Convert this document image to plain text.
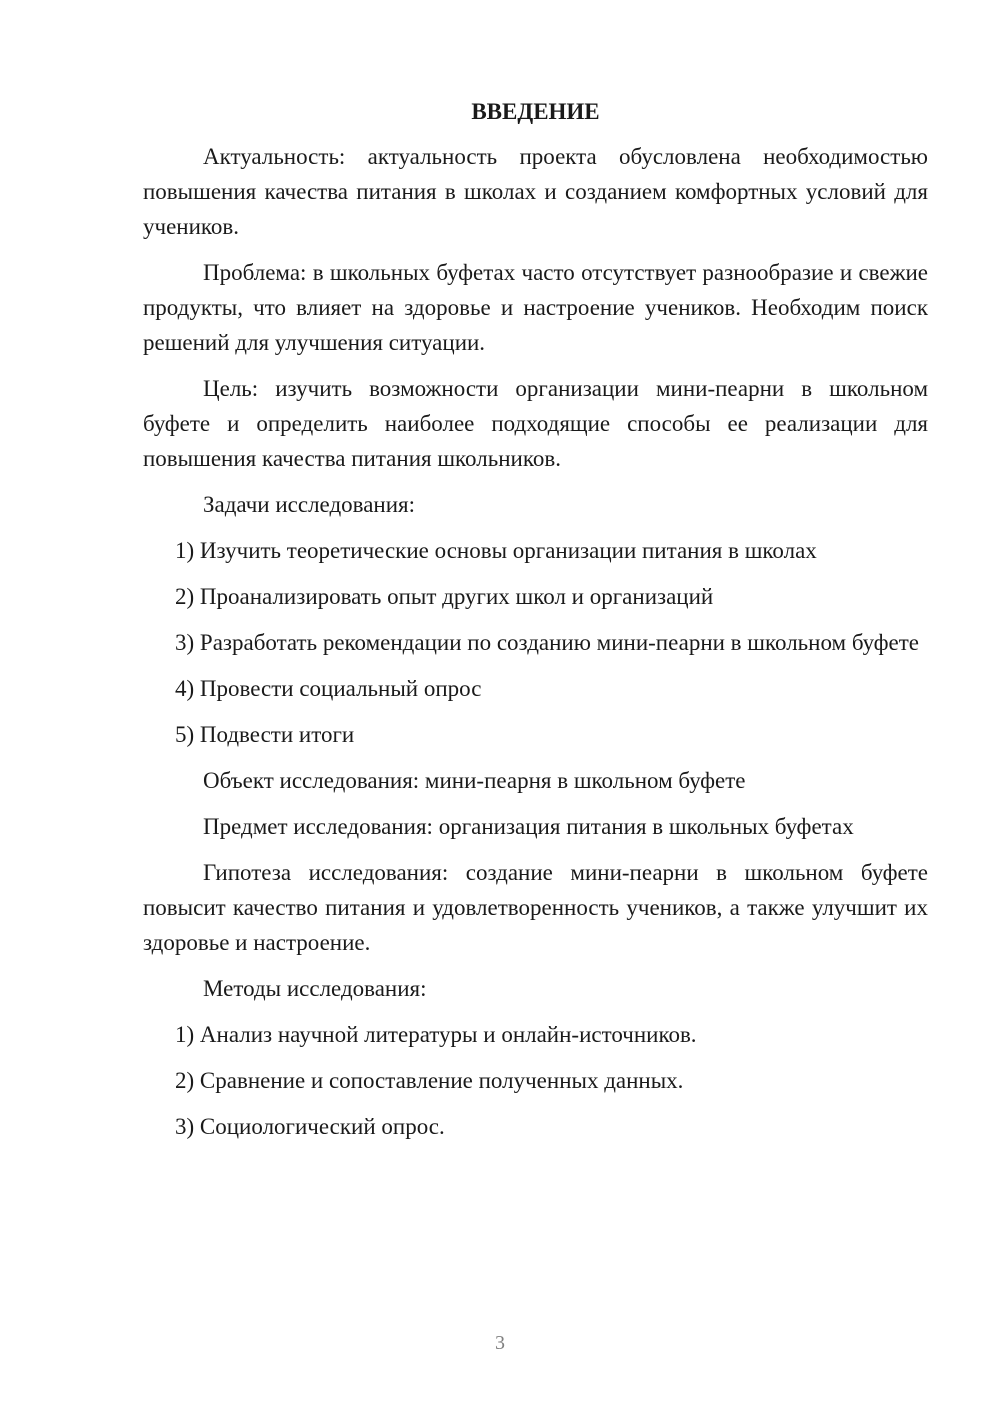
ВВЕДЕНИЕ

Актуальность: актуальность проекта обусловлена необходимостью повышения качества питания в школах и созданием комфортных условий для учеников.

Проблема: в школьных буфетах часто отсутствует разнообразие и свежие продукты, что влияет на здоровье и настроение учеников. Необходим поиск решений для улучшения ситуации.

Цель: изучить возможности организации мини-пеарни в школьном буфете и определить наиболее подходящие способы ее реализации для повышения качества питания школьников.

Задачи исследования:

1) Изучить теоретические основы организации питания в школах

2) Проанализировать опыт других школ и организаций

3) Разработать рекомендации по созданию мини-пеарни в школьном буфете

4) Провести социальный опрос

5) Подвести итоги

Объект исследования: мини-пеарня в школьном буфете

Предмет исследования: организация питания в школьных буфетах

Гипотеза исследования: создание мини-пеарни в школьном буфете повысит качество питания и удовлетворенность учеников, а также улучшит их здоровье и настроение.

Методы исследования:

1) Анализ научной литературы и онлайн-источников.

2) Сравнение и сопоставление полученных данных.

3) Социологический опрос.

3
